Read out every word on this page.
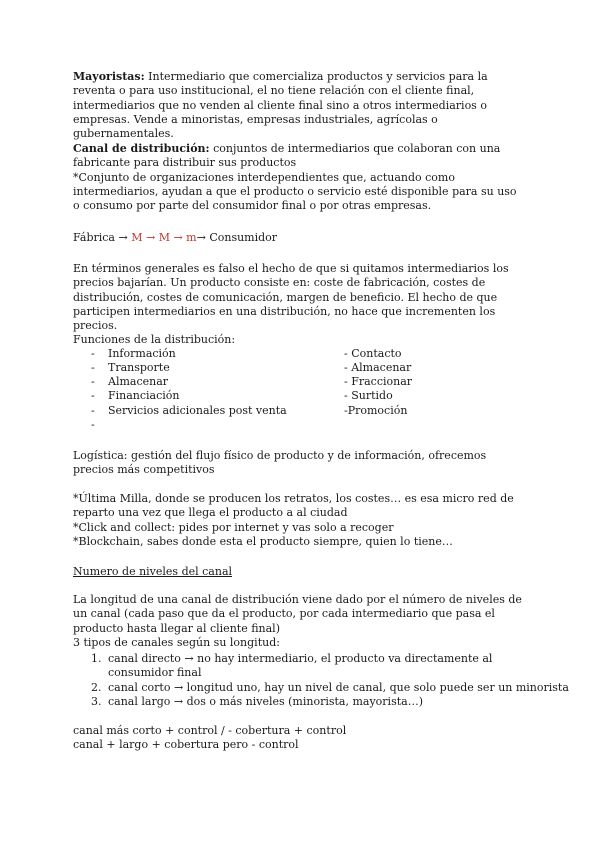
Mayoristas: Intermediario que comercializa productos y servicios para la reventa o para uso institucional, el no tiene relación con el cliente final, intermediarios que no venden al cliente final sino a otros intermediarios o empresas. Vende a minoristas, empresas industriales, agrícolas o gubernamentales.

Canal de distribución: conjuntos de intermediarios que colaboran con una fabricante para distribuir sus productos

*Conjunto de organizaciones interdependientes que, actuando como intermediarios, ayudan a que el producto o servicio esté disponible para su uso o consumo por parte del consumidor final o por otras empresas.

Fábrica → M → M → m→ Consumidor

En términos generales es falso el hecho de que si quitamos intermediarios los precios bajarían. Un producto consiste en: coste de fabricación, costes de distribución, costes de comunicación, margen de beneficio. El hecho de que participen intermediarios en una distribución, no hace que incrementen los precios.

Funciones de la distribución:

- Información	- Contacto
- Transporte	- Almacenar
- Almacenar	- Fraccionar
- Financiación	- Surtido
- Servicios adicionales post venta	-Promoción
-

Logística: gestión del flujo físico de producto y de información, ofrecemos precios más competitivos

*Última Milla, donde se producen los retratos, los costes… es esa micro red de reparto una vez que llega el producto a al ciudad

*Click and collect: pides por internet y vas solo a recoger

*Blockchain, sabes donde esta el producto siempre, quien lo tiene…

Numero de niveles del canal

La longitud de una canal de distribución viene dado por el número de niveles de un canal (cada paso que da el producto, por cada intermediario que pasa el producto hasta llegar al cliente final)

3 tipos de canales según su longitud:

1. canal directo → no hay intermediario, el producto va directamente al consumidor final
2. canal corto → longitud uno, hay un nivel de canal, que solo puede ser un minorista
3. canal largo → dos o más niveles (minorista, mayorista…)

canal más corto + control / - cobertura + control

canal + largo + cobertura pero - control
